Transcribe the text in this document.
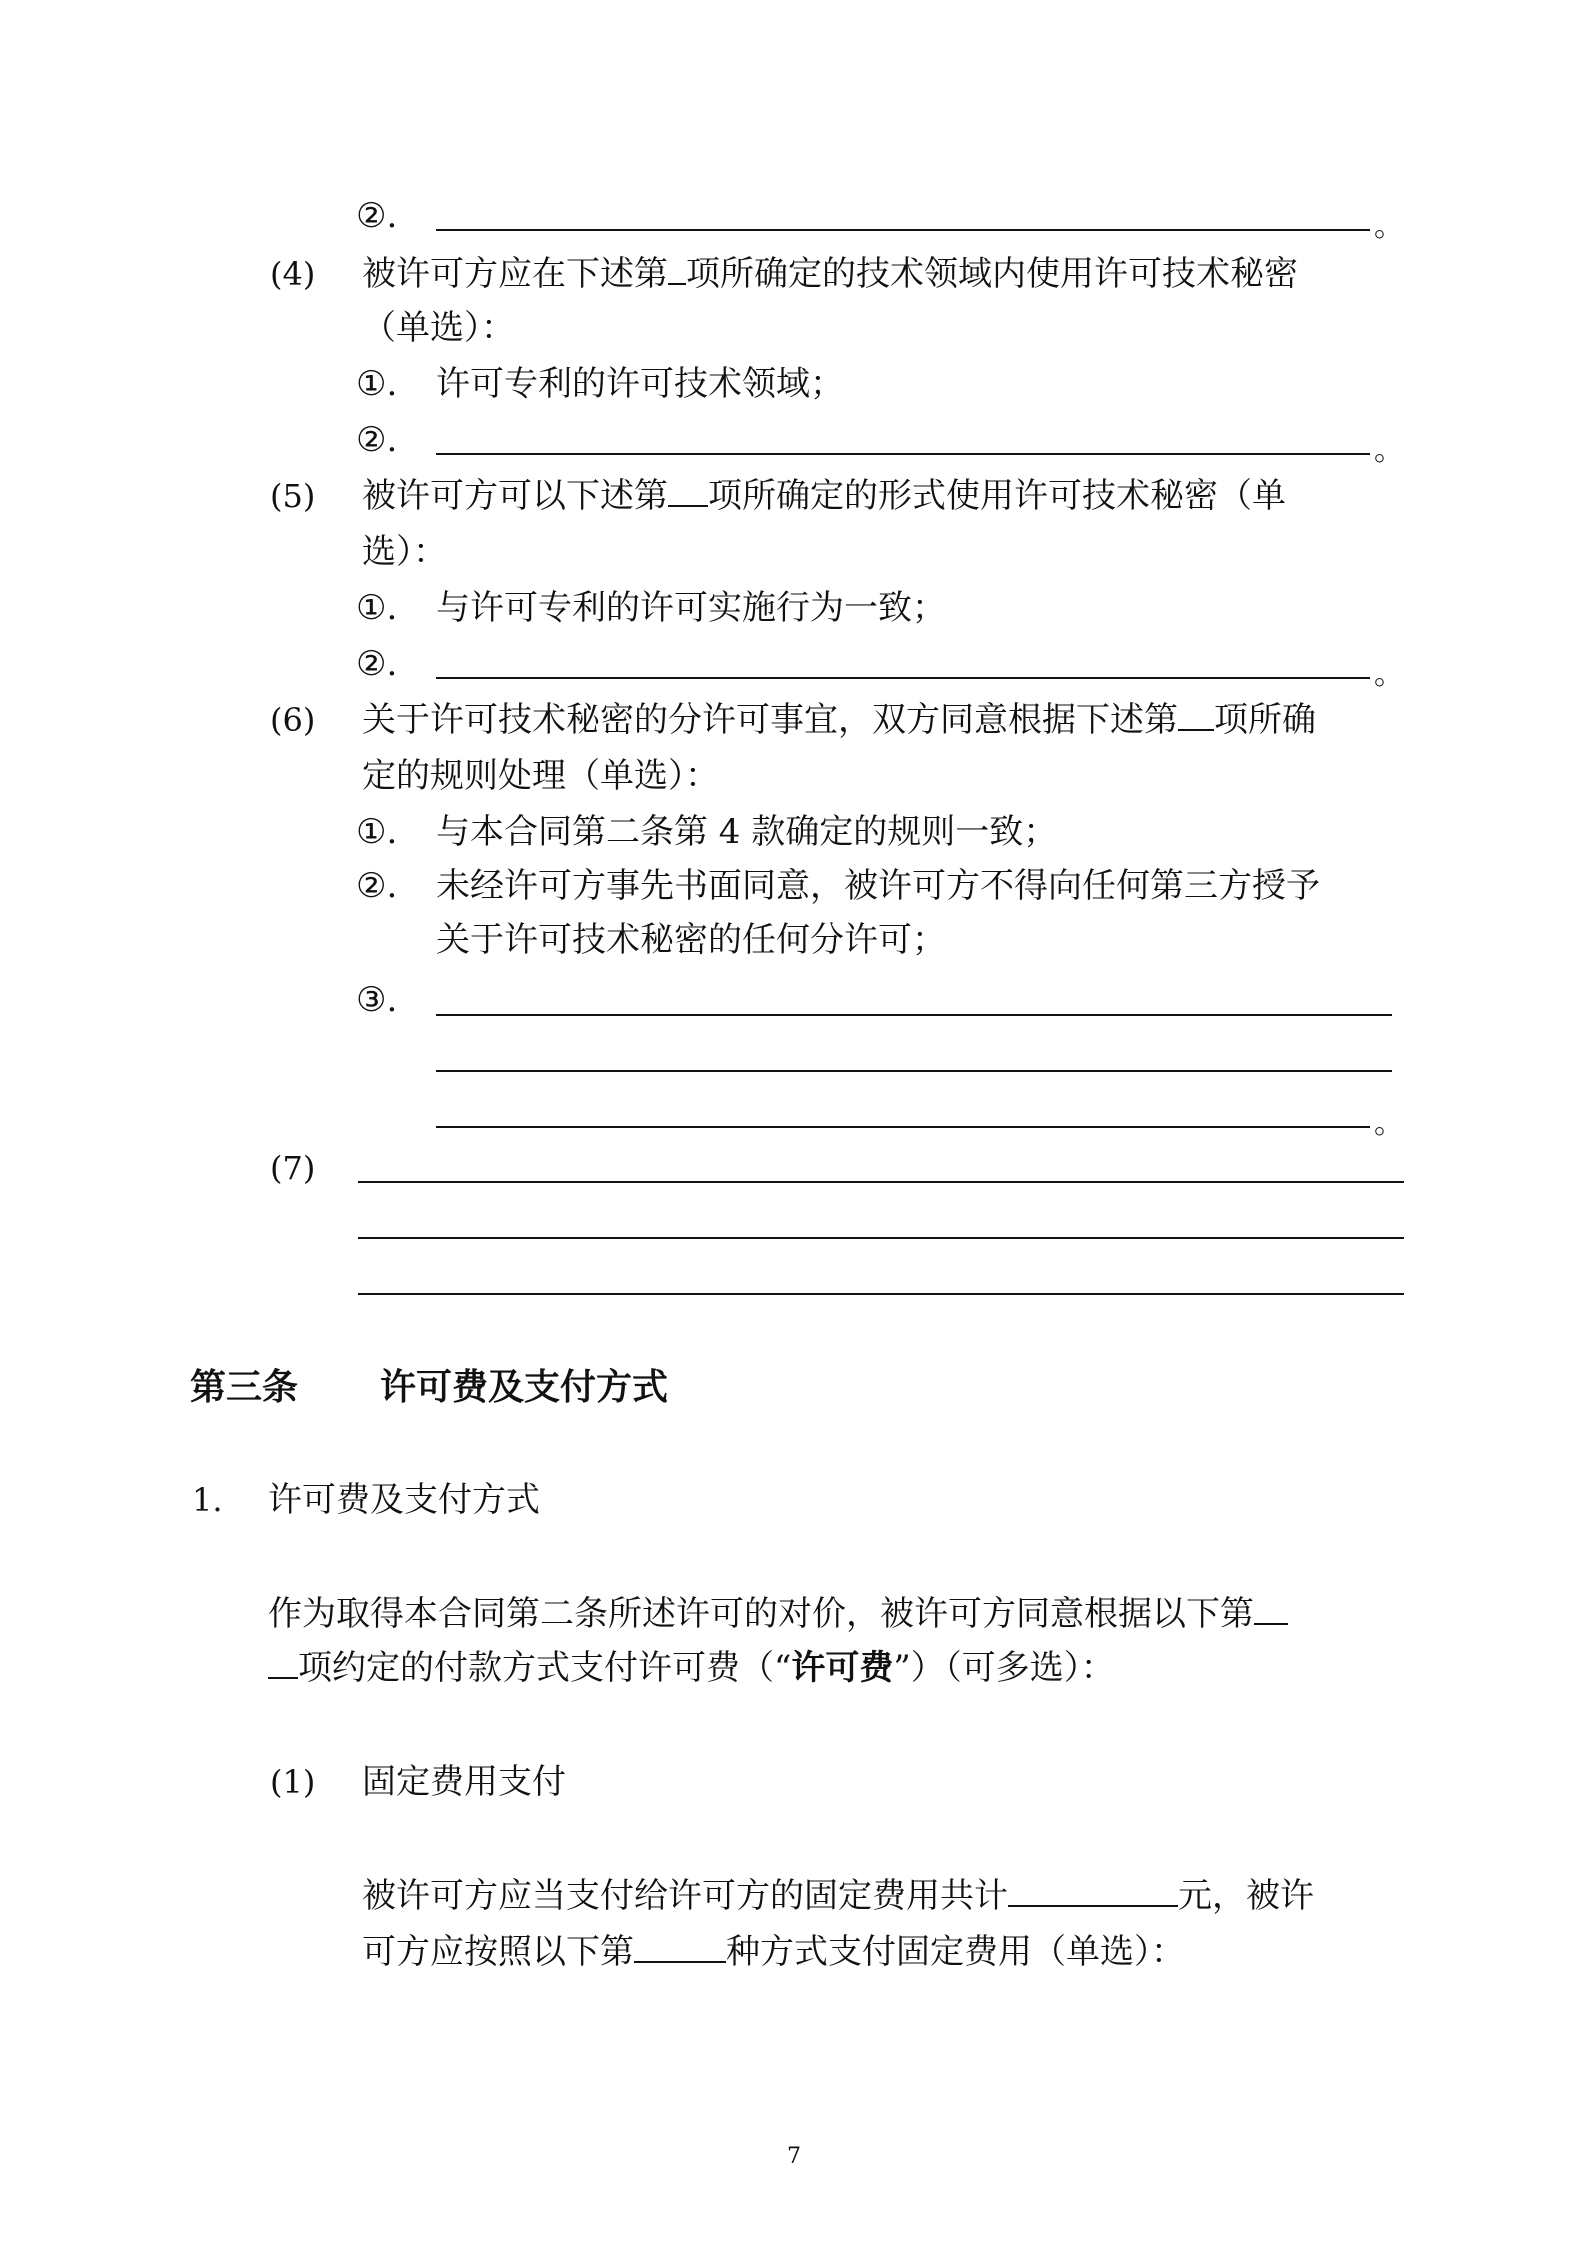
②.	。
(4) 被许可方应在下述第 项所确定的技术领域内使用许可技术秘密
（单选）：
①. 许可专利的许可技术领域；
②.	。
(5) 被许可方可以下述第 项所确定的形式使用许可技术秘密（单
选）：
①. 与许可专利的许可实施行为一致；
②.	。
(6) 关于许可技术秘密的分许可事宜，双方同意根据下述第 项所确
定的规则处理（单选）：
①. 与本合同第二条第 4 款确定的规则一致；
②. 未经许可方事先书面同意，被许可方不得向任何第三方授予
关于许可技术秘密的任何分许可；
③.
。
(7)
第三条 许可费及支付方式
1. 许可费及支付方式
作为取得本合同第二条所述许可的对价，被许可方同意根据以下第
项约定的付款方式支付许可费（“许可费”）（可多选）：
(1) 固定费用支付
被许可方应当支付给许可方的固定费用共计	元，被许
可方应按照以下第	种方式支付固定费用（单选）：
7
